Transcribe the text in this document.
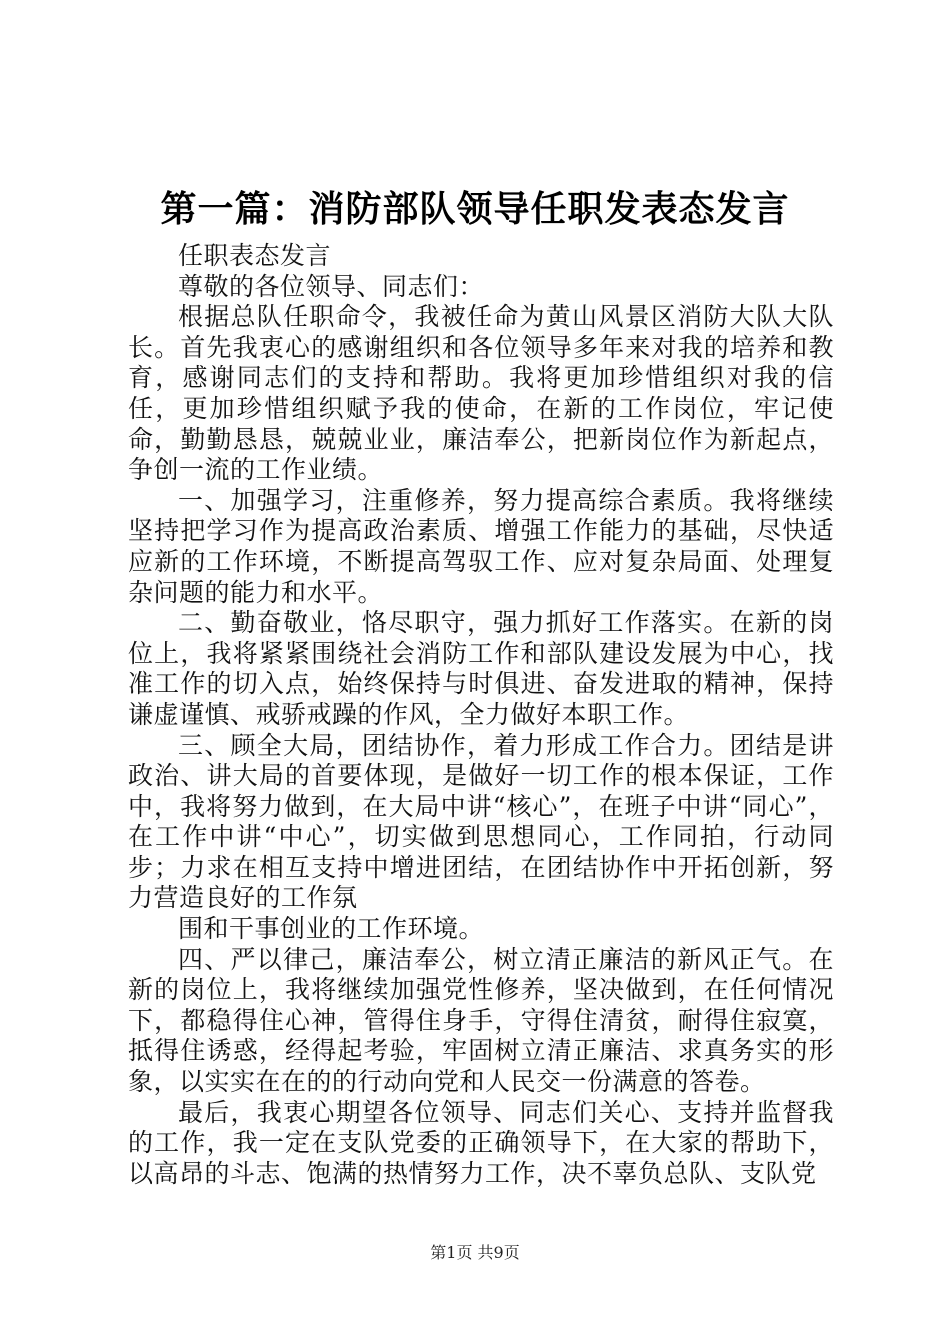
第一篇：消防部队领导任职发表态发言

任职表态发言

尊敬的各位领导、同志们：

根据总队任职命令，我被任命为黄山风景区消防大队大队长。首先我衷心的感谢组织和各位领导多年来对我的培养和教育，感谢同志们的支持和帮助。我将更加珍惜组织对我的信任，更加珍惜组织赋予我的使命，在新的工作岗位，牢记使命，勤勤恳恳，兢兢业业，廉洁奉公，把新岗位作为新起点，争创一流的工作业绩。

一、加强学习，注重修养，努力提高综合素质。我将继续坚持把学习作为提高政治素质、增强工作能力的基础，尽快适应新的工作环境，不断提高驾驭工作、应对复杂局面、处理复杂问题的能力和水平。

二、勤奋敬业，恪尽职守，强力抓好工作落实。在新的岗位上，我将紧紧围绕社会消防工作和部队建设发展为中心，找准工作的切入点，始终保持与时俱进、奋发进取的精神，保持谦虚谨慎、戒骄戒躁的作风，全力做好本职工作。

三、顾全大局，团结协作，着力形成工作合力。团结是讲政治、讲大局的首要体现，是做好一切工作的根本保证，工作中，我将努力做到，在大局中讲“核心”，在班子中讲“同心”，在工作中讲“中心”，切实做到思想同心，工作同拍，行动同步；力求在相互支持中增进团结，在团结协作中开拓创新，努力营造良好的工作氛

围和干事创业的工作环境。

四、严以律己，廉洁奉公，树立清正廉洁的新风正气。在新的岗位上，我将继续加强党性修养，坚决做到，在任何情况下，都稳得住心神，管得住身手，守得住清贫，耐得住寂寞，抵得住诱惑，经得起考验，牢固树立清正廉洁、求真务实的形象，以实实在在的的行动向党和人民交一份满意的答卷。

最后，我衷心期望各位领导、同志们关心、支持并监督我的工作，我一定在支队党委的正确领导下，在大家的帮助下，以高昂的斗志、饱满的热情努力工作，决不辜负总队、支队党

第1页 共9页
